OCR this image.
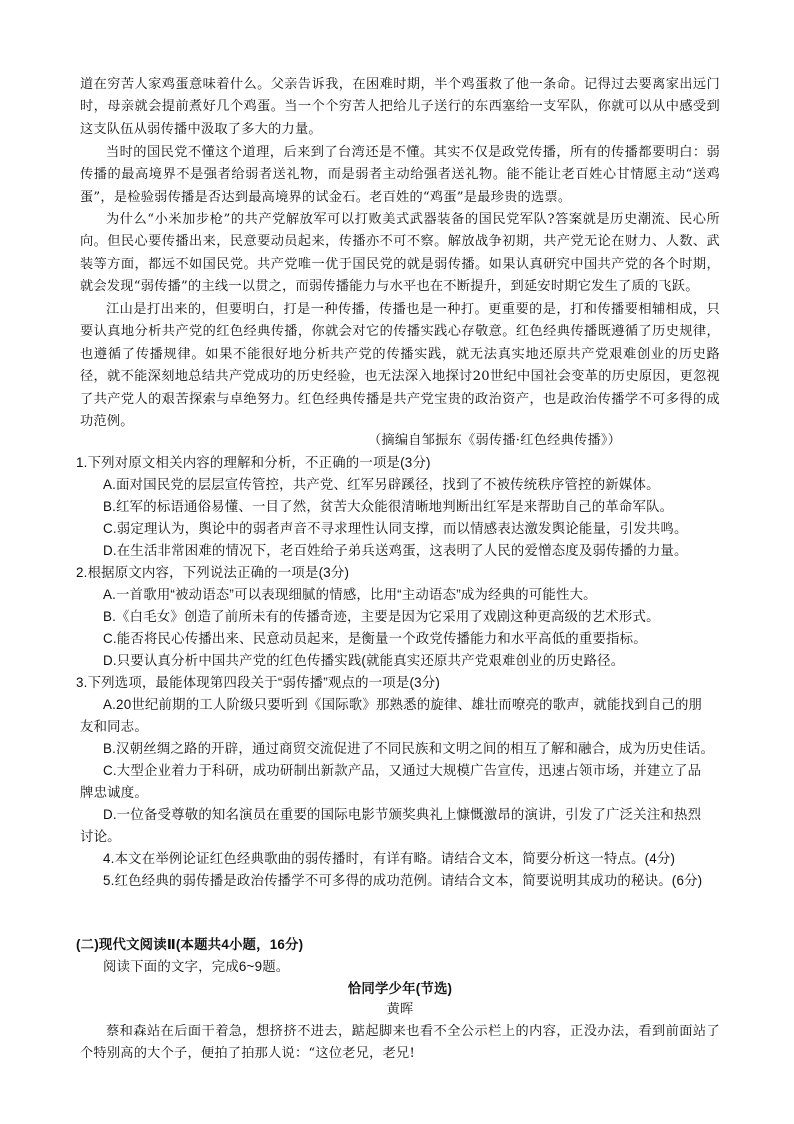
道在穷苦人家鸡蛋意味着什么。父亲告诉我，在困难时期，半个鸡蛋救了他一条命。记得过去要离家出远门时，母亲就会提前煮好几个鸡蛋。当一个个穷苦人把给儿子送行的东西塞给一支军队，你就可以从中感受到这支队伍从弱传播中汲取了多大的力量。

当时的国民党不懂这个道理，后来到了台湾还是不懂。其实不仅是政党传播，所有的传播都要明白：弱传播的最高境界不是强者给弱者送礼物，而是弱者主动给强者送礼物。能不能让老百姓心甘情愿主动“送鸡蛋”，是检验弱传播是否达到最高境界的试金石。老百姓的“鸡蛋”是最珍贵的选票。

为什么“小米加步枪”的共产党解放军可以打败美式武器装备的国民党军队?答案就是历史潮流、民心所向。但民心要传播出来，民意要动员起来，传播亦不可不察。解放战争初期，共产党无论在财力、人数、武装等方面，都远不如国民党。共产党唯一优于国民党的就是弱传播。如果认真研究中国共产党的各个时期，就会发现“弱传播”的主线一以贯之，而弱传播能力与水平也在不断提升，到延安时期它发生了质的飞跃。

江山是打出来的，但要明白，打是一种传播，传播也是一种打。更重要的是，打和传播要相辅相成，只要认真地分析共产党的红色经典传播，你就会对它的传播实践心存敬意。红色经典传播既遵循了历史规律，也遵循了传播规律。如果不能很好地分析共产党的传播实践，就无法真实地还原共产党艰难创业的历史路径，就不能深刻地总结共产党成功的历史经验，也无法深入地探讨20世纪中国社会变革的历史原因，更忽视了共产党人的艰苦探索与卓绝努力。红色经典传播是共产党宝贵的政治资产，也是政治传播学不可多得的成功范例。

（摘编自邹振东《弱传播·红色经典传播》）

1.下列对原文相关内容的理解和分析，不正确的一项是(3分)

A.面对国民党的层层宣传管控，共产党、红军另辟蹊径，找到了不被传统秩序管控的新媒体。

B.红军的标语通俗易懂、一目了然，贫苦大众能很清晰地判断出红军是来帮助自己的革命军队。

C.弱定理认为，舆论中的弱者声音不寻求理性认同支撑，而以情感表达激发舆论能量，引发共鸣。

D.在生活非常困难的情况下，老百姓给子弟兵送鸡蛋，这表明了人民的爱憎态度及弱传播的力量。

2.根据原文内容，下列说法正确的一项是(3分)

A.一首歌用“被动语态”可以表现细腻的情感，比用“主动语态”成为经典的可能性大。

B.《白毛女》创造了前所未有的传播奇迹，主要是因为它采用了戏剧这种更高级的艺术形式。

C.能否将民心传播出来、民意动员起来，是衡量一个政党传播能力和水平高低的重要指标。

D.只要认真分析中国共产党的红色传播实践(就能真实还原共产党艰难创业的历史路径。

3.下列选项，最能体现第四段关于“弱传播”观点的一项是(3分)

A.20世纪前期的工人阶级只要听到《国际歌》那熟悉的旋律、雄壮而嘹亮的歌声，就能找到自己的朋

友和同志。

B.汉朝丝绸之路的开辟，通过商贸交流促进了不同民族和文明之间的相互了解和融合，成为历史佳话。

C.大型企业着力于科研，成功研制出新款产品，又通过大规模广告宣传，迅速占领市场，并建立了品

牌忠诚度。

D.一位备受尊敬的知名演员在重要的国际电影节颁奖典礼上慷慨激昂的演讲，引发了广泛关注和热烈

讨论。

4.本文在举例论证红色经典歌曲的弱传播时，有详有略。请结合文本，简要分析这一特点。(4分)

5.红色经典的弱传播是政治传播学不可多得的成功范例。请结合文本，简要说明其成功的秘诀。(6分)

(二)现代文阅读Ⅱ(本题共4小题，16分)

阅读下面的文字，完成6~9题。

恰同学少年(节选)

黄晖

蔡和森站在后面干着急，想挤挤不进去，踮起脚来也看不全公示栏上的内容，正没办法，看到前面站了个特别高的大个子，便拍了拍那人说：“这位老兄，老兄!
